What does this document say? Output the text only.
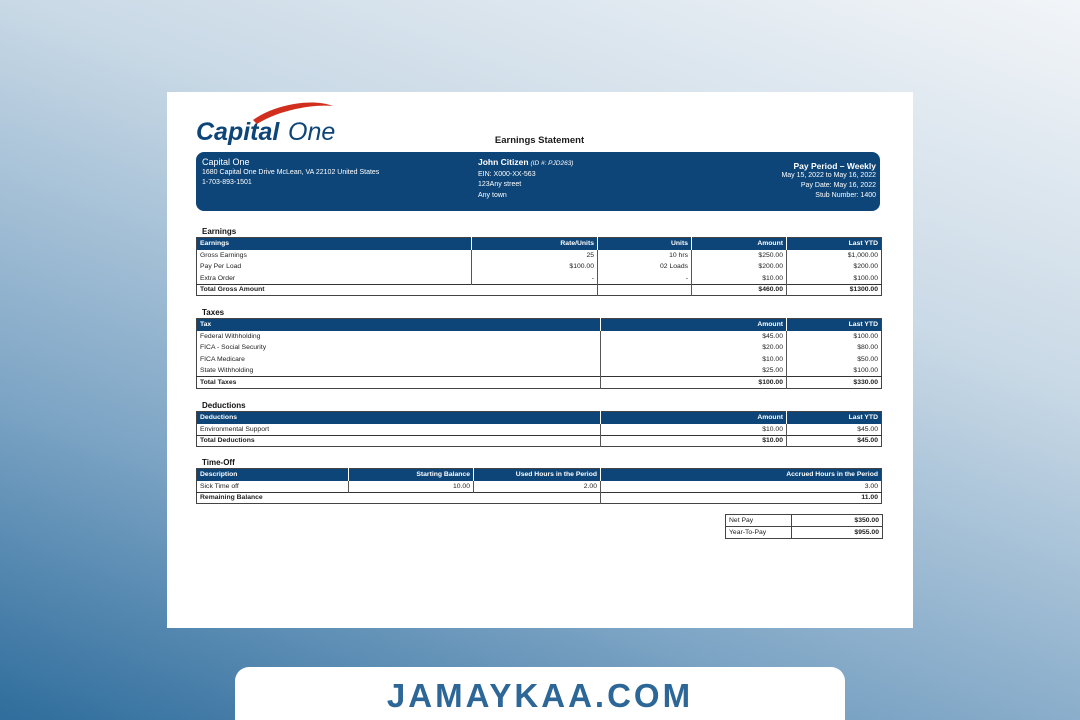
Capital One	Earnings Statement
Capital One
1680 Capital One Drive McLean, VA 22102 United States
1-703-893-1501
John Citizen (ID #: PJD263)
EIN: X000-XX-563
123Any street
Any town
Pay Period – Weekly
May 15, 2022 to May 16, 2022
Pay Date: May 16, 2022
Stub Number: 1400
Earnings
Earnings	Rate/Units	Units	Amount	Last YTD
Gross Earnings	25	10 hrs	$250.00	$1,000.00
Pay Per Load	$100.00	02 Loads	$200.00	$200.00
Extra Order	-	-	$10.00	$100.00
Total Gross Amount			$460.00	$1300.00
Taxes
Tax	Amount	Last YTD
Federal Withholding	$45.00	$100.00
FICA - Social Security	$20.00	$80.00
FICA Medicare	$10.00	$50.00
State Withholding	$25.00	$100.00
Total Taxes	$100.00	$330.00
Deductions
Deductions	Amount	Last YTD
Environmental Support	$10.00	$45.00
Total Deductions	$10.00	$45.00
Time-Off
Description	Starting Balance	Used Hours in the Period	Accrued Hours in the Period
Sick Time off	10.00	2.00	3.00
Remaining Balance			11.00
Net Pay	$350.00
Year-To-Pay	$955.00
JAMAYKAA.COM
